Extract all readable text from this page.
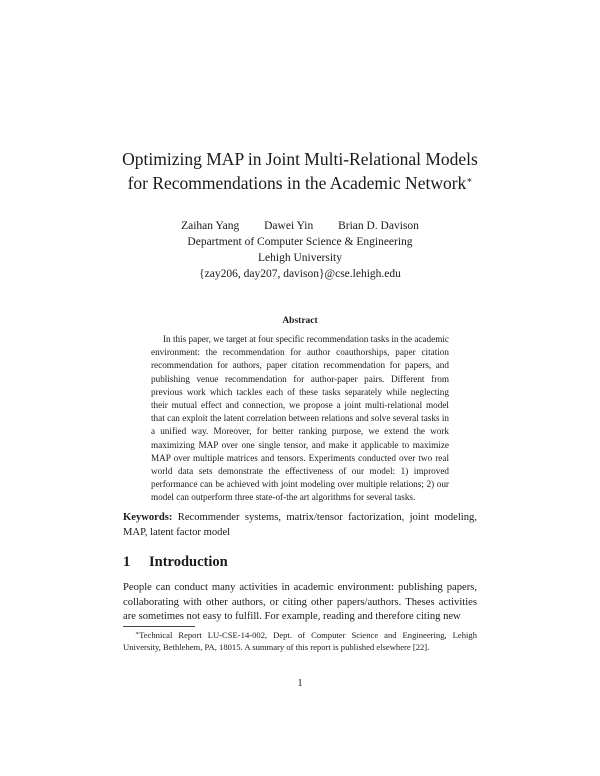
Optimizing MAP in Joint Multi-Relational Models
for Recommendations in the Academic Network∗
Zaihan Yang Dawei Yin Brian D. Davison
Department of Computer Science & Engineering
Lehigh University
{zay206, day207, davison}@cse.lehigh.edu
Abstract
In this paper, we target at four specific recommendation tasks in the academic environment: the recommendation for author coauthorships, paper citation recommendation for authors, paper citation recommendation for papers, and publishing venue recommendation for author-paper pairs. Different from previous work which tackles each of these tasks separately while neglecting their mutual effect and connection, we propose a joint multi-relational model that can exploit the latent correlation between relations and solve several tasks in a unified way. Moreover, for better ranking purpose, we extend the work maximizing MAP over one single tensor, and make it applicable to maximize MAP over multiple matrices and tensors. Experiments conducted over two real world data sets demonstrate the effectiveness of our model: 1) improved performance can be achieved with joint modeling over multiple relations; 2) our model can outperform three state-of-the art algorithms for several tasks.
Keywords: Recommender systems, matrix/tensor factorization, joint modeling, MAP, latent factor model
1 Introduction
People can conduct many activities in academic environment: publishing papers, collaborating with other authors, or citing other papers/authors. Theses activities are sometimes not easy to fulfill. For example, reading and therefore citing new
∗Technical Report LU-CSE-14-002, Dept. of Computer Science and Engineering, Lehigh University, Bethlehem, PA, 18015. A summary of this report is published elsewhere [22].
1
